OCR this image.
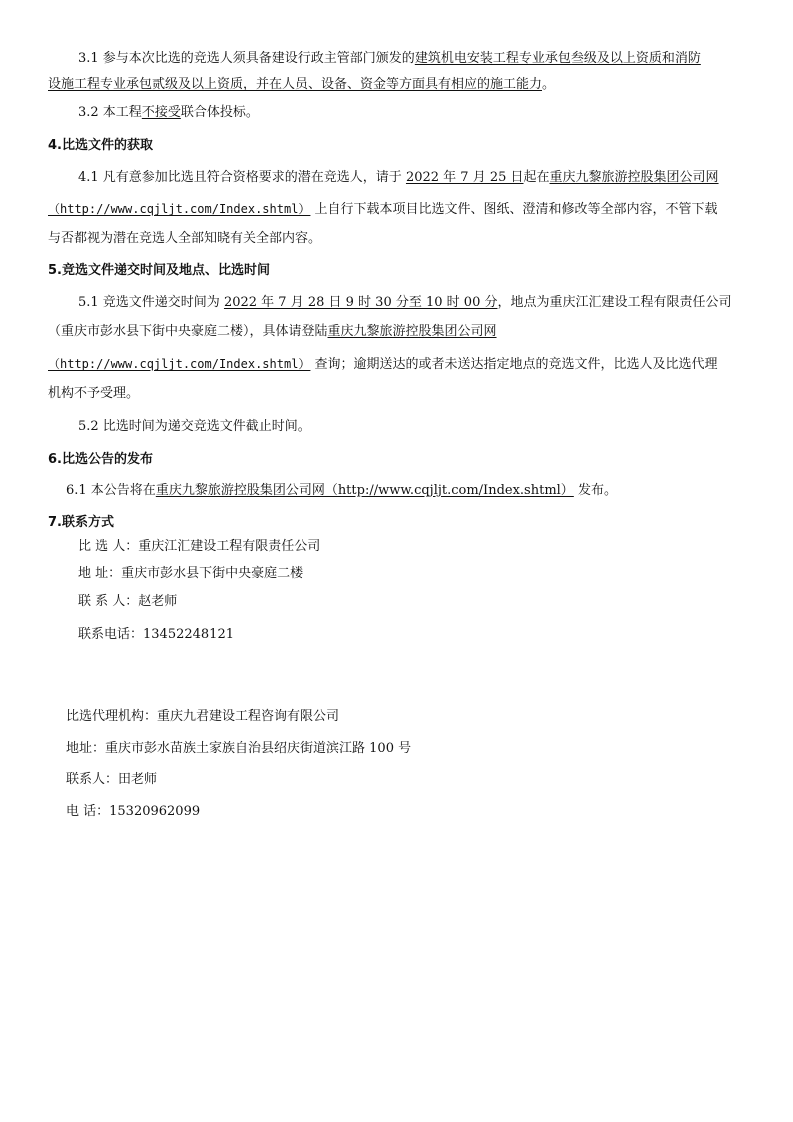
3.1 参与本次比选的竞选人须具备建设行政主管部门颁发的建筑机电安装工程专业承包叁级及以上资质和消防

设施工程专业承包贰级及以上资质，并在人员、设备、资金等方面具有相应的施工能力。

3.2 本工程不接受联合体投标。

4.比选文件的获取

4.1 凡有意参加比选且符合资格要求的潜在竞选人，请于 2022 年 7 月 25 日起在重庆九黎旅游控股集团公司网

（http://www.cqjljt.com/Index.shtml） 上自行下载本项目比选文件、图纸、澄清和修改等全部内容，不管下载

与否都视为潜在竞选人全部知晓有关全部内容。

5.竞选文件递交时间及地点、比选时间

5.1 竞选文件递交时间为 2022 年 7 月 28 日 9 时 30 分至 10 时 00 分，地点为重庆江汇建设工程有限责任公司

（重庆市彭水县下街中央豪庭二楼），具体请登陆重庆九黎旅游控股集团公司网

（http://www.cqjljt.com/Index.shtml） 查询；逾期送达的或者未送达指定地点的竞选文件，比选人及比选代理

机构不予受理。

5.2 比选时间为递交竞选文件截止时间。

6.比选公告的发布

6.1 本公告将在重庆九黎旅游控股集团公司网（http://www.cqjljt.com/Index.shtml） 发布。

7.联系方式

比 选 人：重庆江汇建设工程有限责任公司

地 址：重庆市彭水县下街中央豪庭二楼

联 系 人：赵老师

联系电话：13452248121

比选代理机构：重庆九君建设工程咨询有限公司

地址：重庆市彭水苗族土家族自治县绍庆街道滨江路 100 号

联系人：田老师

电 话：15320962099
